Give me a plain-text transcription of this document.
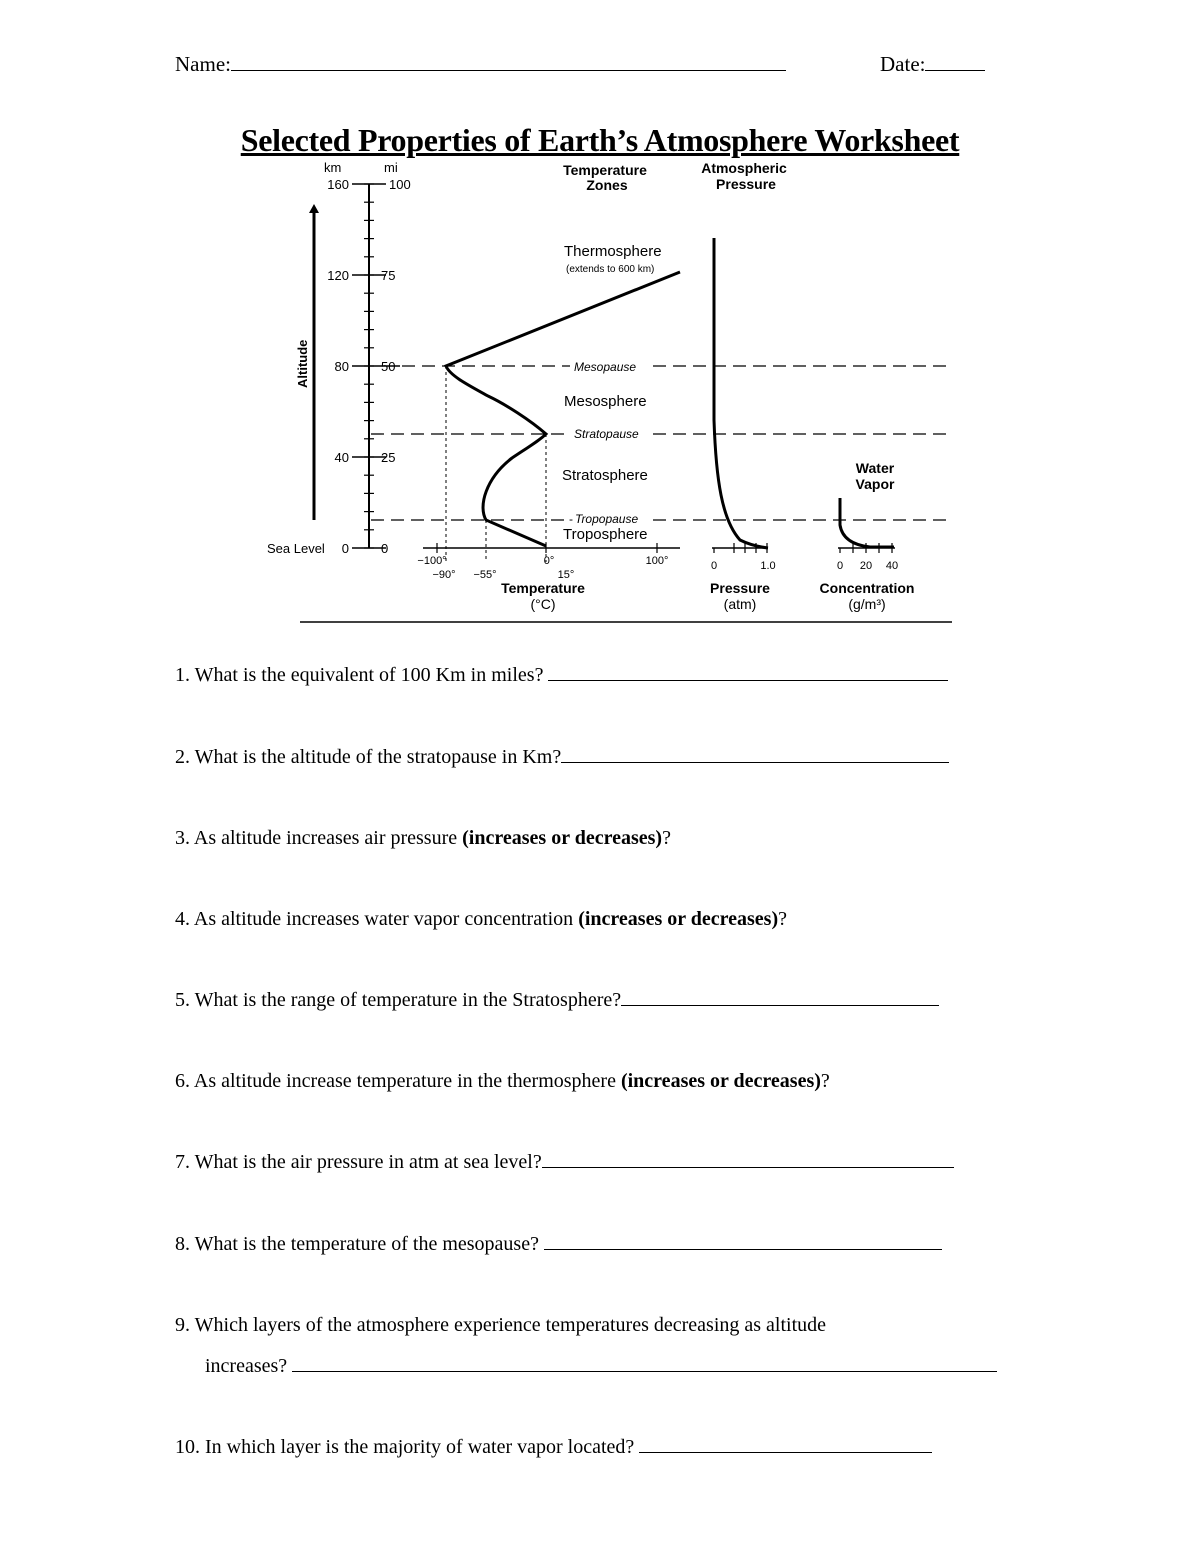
Name:	Date:
Selected Properties of Earth’s Atmosphere Worksheet
km	mi
160
120
80
40
0
100
75
50
25
0
Sea Level
Altitude
Temperature Zones
Atmospheric Pressure
Mesopause
Stratopause
Tropopause
-
Thermosphere
Mesosphere
Stratosphere
Troposphere
(extends to 600 km)
−100°	0°	100°
−90° −55°	15°
Temperature
(°C)
0	1.0
Pressure
(atm)
Water Vapor
0 20 40
Concentration
(g/m³)
1. What is the equivalent of 100 Km in miles?
2. What is the altitude of the stratopause in Km?
3. As altitude increases air pressure (increases or decreases)?
4. As altitude increases water vapor concentration (increases or decreases)?
5. What is the range of temperature in the Stratosphere?
6. As altitude increase temperature in the thermosphere (increases or decreases)?
7. What is the air pressure in atm at sea level?
8. What is the temperature of the mesopause?
9. Which layers of the atmosphere experience temperatures decreasing as altitude
increases?
10. In which layer is the majority of water vapor located?
